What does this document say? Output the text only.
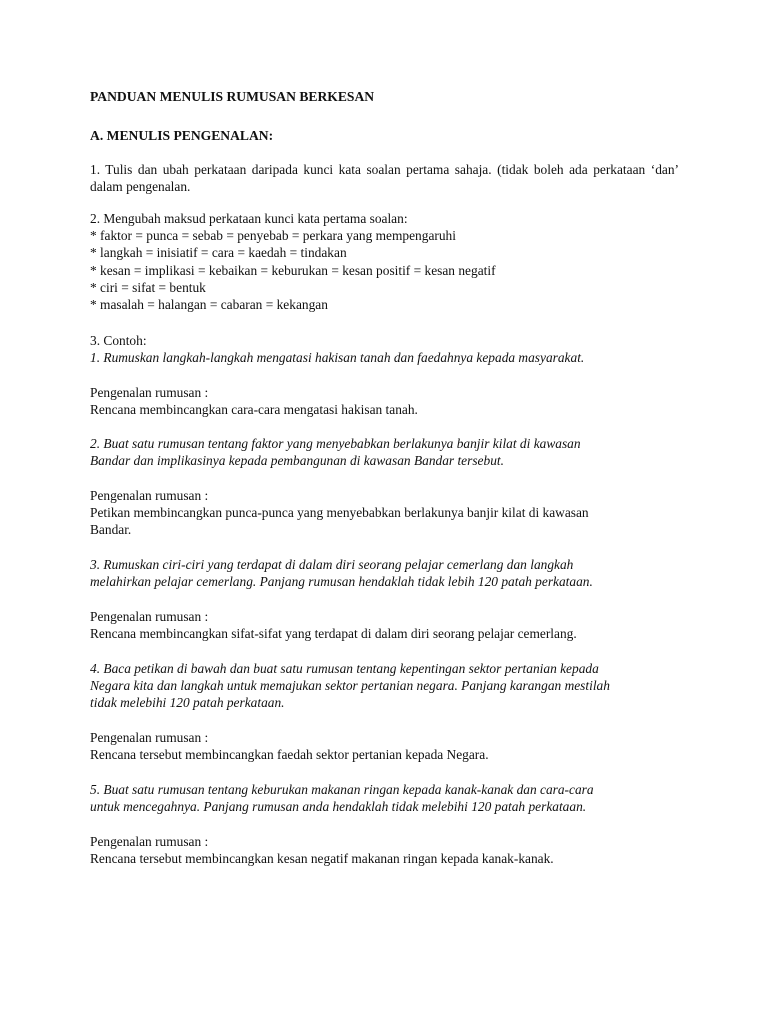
PANDUAN MENULIS RUMUSAN BERKESAN
A. MENULIS PENGENALAN:

1. Tulis dan ubah perkataan daripada kunci kata soalan pertama sahaja. (tidak boleh ada perkataan ‘dan’ dalam pengenalan.

2. Mengubah maksud perkataan kunci kata pertama soalan:
* faktor = punca = sebab = penyebab = perkara yang mempengaruhi
* langkah = inisiatif = cara = kaedah = tindakan
* kesan = implikasi = kebaikan = keburukan = kesan positif = kesan negatif
* ciri = sifat = bentuk
* masalah = halangan = cabaran = kekangan
3. Contoh:
1. Rumuskan langkah-langkah mengatasi hakisan tanah dan faedahnya kepada masyarakat.
Pengenalan rumusan :
Rencana membincangkan cara-cara mengatasi hakisan tanah.
2. Buat satu rumusan tentang faktor yang menyebabkan berlakunya banjir kilat di kawasan
Bandar dan implikasinya kepada pembangunan di kawasan Bandar tersebut.
Pengenalan rumusan :
Petikan membincangkan punca-punca yang menyebabkan berlakunya banjir kilat di kawasan
Bandar.
3. Rumuskan ciri-ciri yang terdapat di dalam diri seorang pelajar cemerlang dan langkah
melahirkan pelajar cemerlang. Panjang rumusan hendaklah tidak lebih 120 patah perkataan.
Pengenalan rumusan :
Rencana membincangkan sifat-sifat yang terdapat di dalam diri seorang pelajar cemerlang.
4. Baca petikan di bawah dan buat satu rumusan tentang kepentingan sektor pertanian kepada
Negara kita dan langkah untuk memajukan sektor pertanian negara. Panjang karangan mestilah
tidak melebihi 120 patah perkataan.
Pengenalan rumusan :
Rencana tersebut membincangkan faedah sektor pertanian kepada Negara.
5. Buat satu rumusan tentang keburukan makanan ringan kepada kanak-kanak dan cara-cara
untuk mencegahnya. Panjang rumusan anda hendaklah tidak melebihi 120 patah perkataan.
Pengenalan rumusan :
Rencana tersebut membincangkan kesan negatif makanan ringan kepada kanak-kanak.
